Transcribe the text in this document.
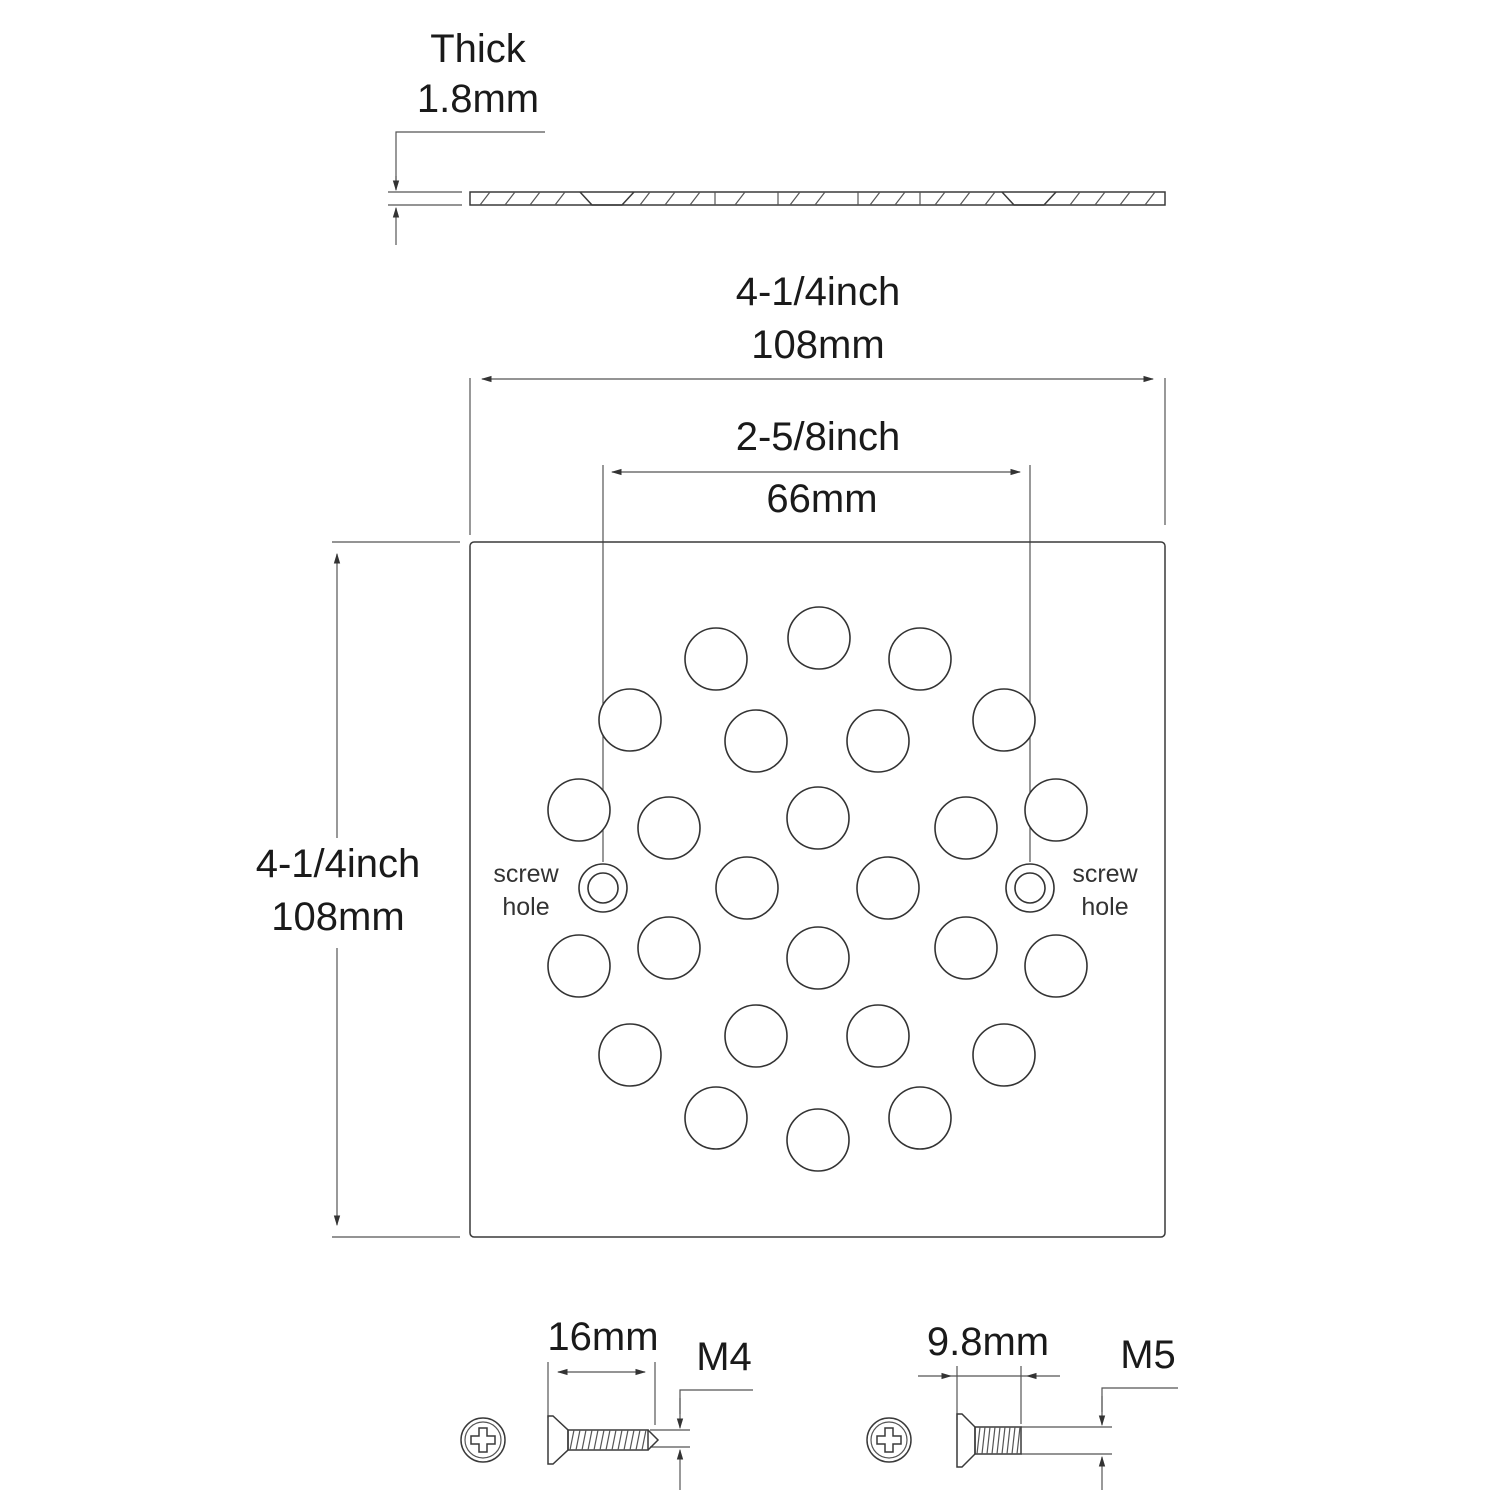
Thick
1.8mm
4-1/4inch
108mm
2-5/8inch
66mm
4-1/4inch
108mm
screw
hole
screw
hole
16mm M4	9.8mm M5
